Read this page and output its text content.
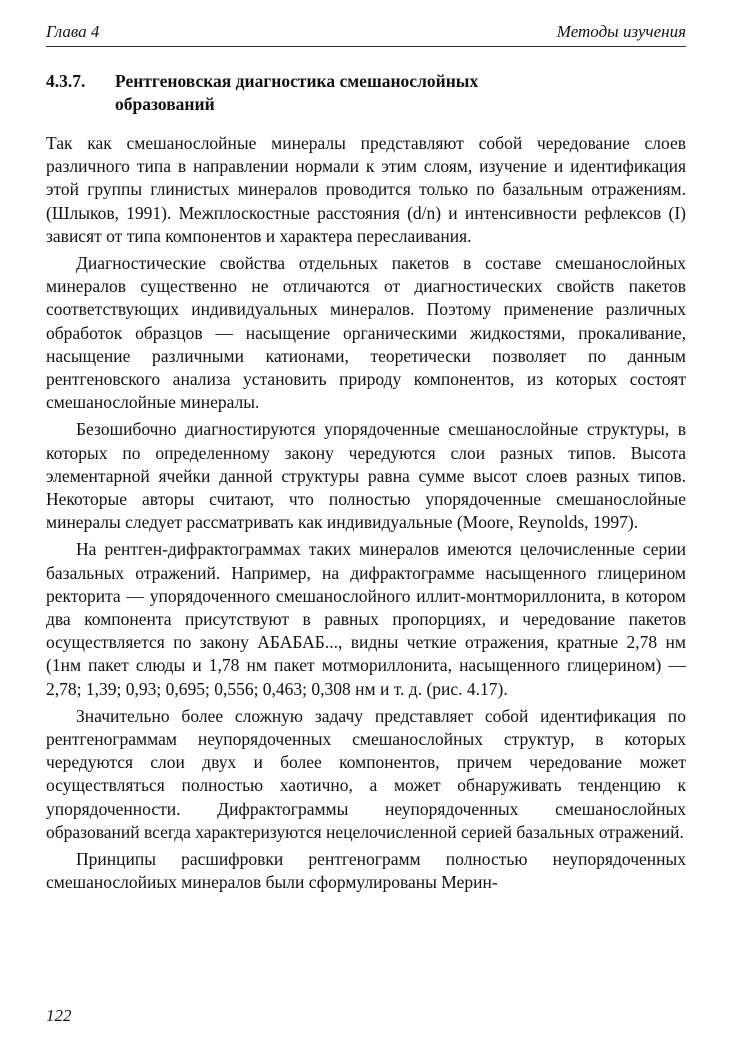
Глава 4	Методы изучения
4.3.7.	Рентгеновская диагностика смешанослойных образований

Так как смешанослойные минералы представляют собой чередование слоев различного типа в направлении нормали к этим слоям, изучение и идентификация этой группы глинистых минералов проводится только по базальным отражениям. (Шлыков, 1991). Межплоскостные расстояния (d/n) и интенсивности рефлексов (I) зависят от типа компонентов и характера переслаивания.

Диагностические свойства отдельных пакетов в составе смешанослойных минералов существенно не отличаются от диагностических свойств пакетов соответствующих индивидуальных минералов. Поэтому применение различных обработок образцов — насыщение органическими жидкостями, прокаливание, насыщение различными катионами, теоретически позволяет по данным рентгеновского анализа установить природу компонентов, из которых состоят смешанослойные минералы.

Безошибочно диагностируются упорядоченные смешанослойные структуры, в которых по определенному закону чередуются слои разных типов. Высота элементарной ячейки данной структуры равна сумме высот слоев разных типов. Некоторые авторы считают, что полностью упорядоченные смешанослойные минералы следует рассматривать как индивидуальные (Moore, Reynolds, 1997).

На рентген-дифрактограммах таких минералов имеются целочисленные серии базальных отражений. Например, на дифрактограмме насыщенного глицерином ректорита — упорядоченного смешанослойного иллит-монтмориллонита, в котором два компонента присутствуют в равных пропорциях, и чередование пакетов осуществляется по закону АБАБАБ..., видны четкие отражения, кратные 2,78 нм (1нм пакет слюды и 1,78 нм пакет мотмориллонита, насыщенного глицерином) — 2,78; 1,39; 0,93; 0,695; 0,556; 0,463; 0,308 нм и т. д. (рис. 4.17).

Значительно более сложную задачу представляет собой идентификация по рентгенограммам неупорядоченных смешанослойных структур, в которых чередуются слои двух и более компонентов, причем чередование может осуществляться полностью хаотично, а может обнаруживать тенденцию к упорядоченности. Дифрактограммы неупорядоченных смешанослойных образований всегда характеризуются нецелочисленной серией базальных отражений.

Принципы расшифровки рентгенограмм полностью неупорядоченных смешанослойиых минералов были сформулированы Мерин-

122
